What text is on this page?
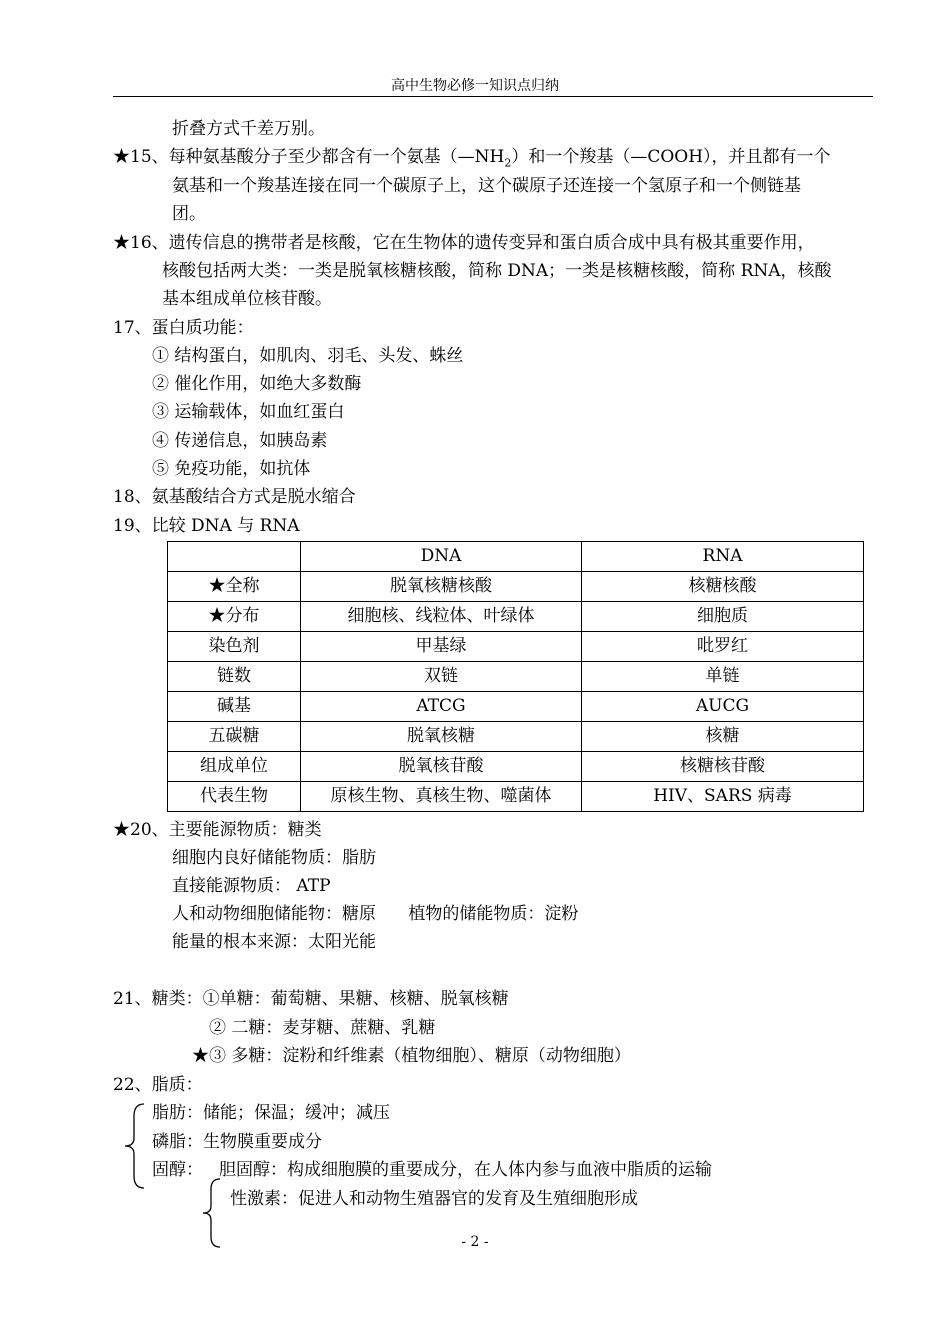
高中生物必修一知识点归纳
折叠方式千差万别。
★15、每种氨基酸分子至少都含有一个氨基$(—NH_2)$和一个羧基（—COOH），并且都有一个
氨基和一个羧基连接在同一个碳原子上，这个碳原子还连接一个氢原子和一个侧链基
团。
★16、遗传信息的携带者是核酸，它在生物体的遗传变异和蛋白质合成中具有极其重要作用，
核酸包括两大类：一类是脱氧核糖核酸，简称 DNA；一类是核糖核酸，简称 RNA，核酸
基本组成单位核苷酸。
17、蛋白质功能：
① 结构蛋白，如肌肉、羽毛、头发、蛛丝
② 催化作用，如绝大多数酶
③ 运输载体，如血红蛋白
④ 传递信息，如胰岛素
⑤ 免疫功能，如抗体
18、氨基酸结合方式是脱水缩合
19、比较 DNA 与 RNA
	DNA	RNA
★全称	脱氧核糖核酸	核糖核酸
★分布	细胞核、线粒体、叶绿体	细胞质
染色剂	甲基绿	吡罗红
链数	双链	单链
碱基	ATCG	AUCG
五碳糖	脱氧核糖	核糖
组成单位	脱氧核苷酸	核糖核苷酸
代表生物	原核生物、真核生物、噬菌体	HIV、SARS 病毒
★20、主要能源物质：糖类
细胞内良好储能物质：脂肪
直接能源物质： ATP
人和动物细胞储能物：糖原      植物的储能物质：淀粉
能量的根本来源：太阳光能
21、糖类：①单糖：葡萄糖、果糖、核糖、脱氧核糖
② 二糖：麦芽糖、蔗糖、乳糖
★③ 多糖：淀粉和纤维素（植物细胞）、糖原（动物细胞）
22、脂质：
脂肪：储能；保温；缓冲；减压
磷脂：生物膜重要成分
固醇： 胆固醇：构成细胞膜的重要成分，在人体内参与血液中脂质的运输
性激素：促进人和动物生殖器官的发育及生殖细胞形成
- 2 -
